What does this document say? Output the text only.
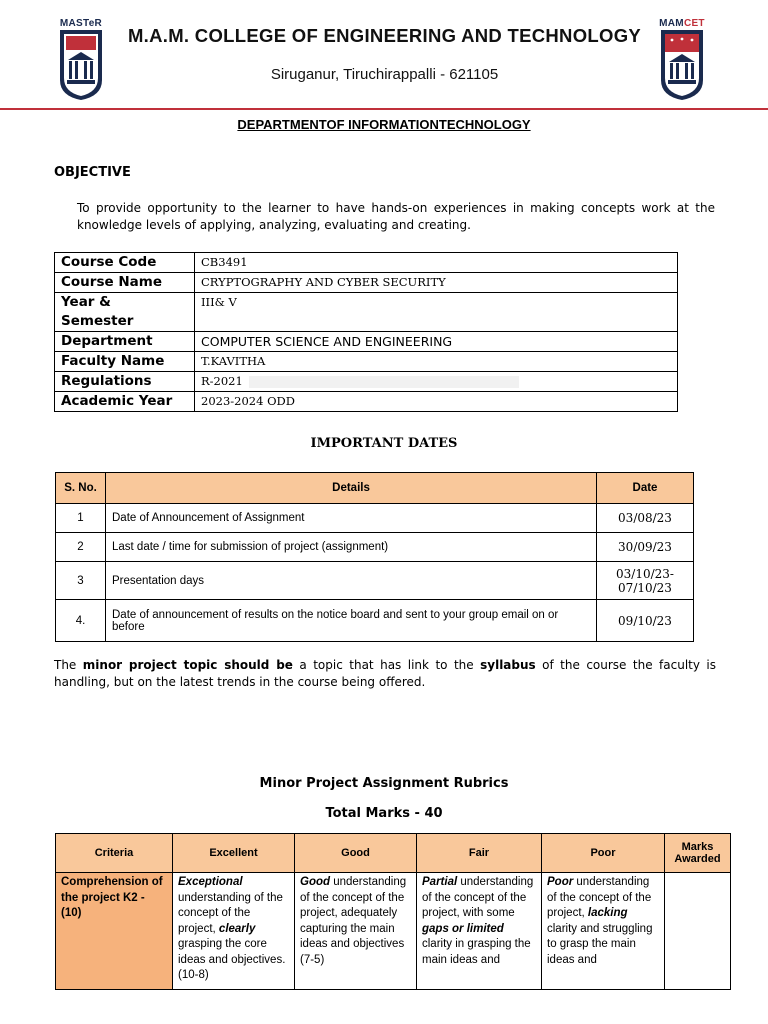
MASTeR
M.A.M. COLLEGE OF ENGINEERING AND TECHNOLOGY
Siruganur, Tiruchirappalli - 621105
MAMCET
DEPARTMENTOF INFORMATIONTECHNOLOGY
OBJECTIVE
To provide opportunity to the learner to have hands-on experiences in making concepts work at the knowledge levels of applying, analyzing, evaluating and creating.
Course Code	CB3491
Course Name	CRYPTOGRAPHY AND CYBER SECURITY
Year &
Semester	III& V
Department	COMPUTER SCIENCE AND ENGINEERING
Faculty Name	T.KAVITHA
Regulations	R-2021
Academic Year	2023-2024 ODD
IMPORTANT DATES
S. No.	Details	Date
1	Date of Announcement of Assignment	03/08/23
2	Last date / time for submission of project (assignment)	30/09/23
3	Presentation days	03/10/23-07/10/23
4.	Date of announcement of results on the notice board and sent to your group email on or before	09/10/23
The minor project topic should be a topic that has link to the syllabus of the course the faculty is handling, but on the latest trends in the course being offered.
Minor Project Assignment Rubrics
Total Marks - 40
Criteria	Excellent	Good	Fair	Poor	Marks Awarded
Comprehension of the project K2 - (10)	Exceptional understanding of the concept of the project, clearly grasping the core ideas and objectives. (10-8)	Good understanding of the concept of the project, adequately capturing the main ideas and objectives (7-5)	Partial understanding of the concept of the project, with some gaps or limited clarity in grasping the main ideas and	Poor understanding of the concept of the project, lacking clarity and struggling to grasp the main ideas and	
